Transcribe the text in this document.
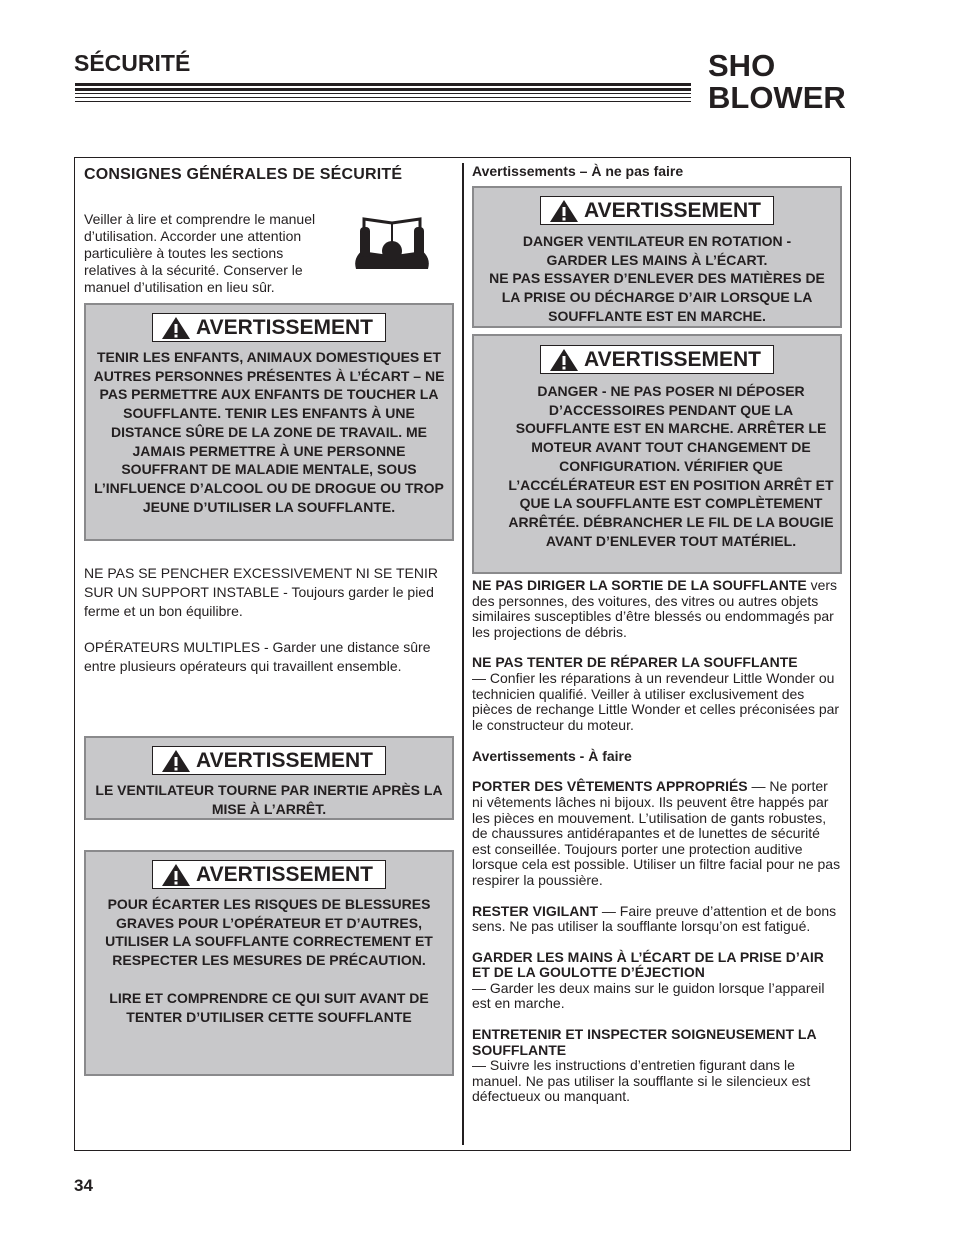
SÉCURITÉ	SHO
BLOWER
CONSIGNES GÉNÉRALES DE SÉCURITÉ

Veiller à lire et comprendre le manuel d’utilisation. Accorder une attention particulière à toutes les sections relatives à la sécurité. Conserver le manuel d’utilisation en lieu sûr.

AVERTISSEMENT

TENIR LES ENFANTS, ANIMAUX DOMESTIQUES ET AUTRES PERSONNES PRÉSENTES À L’ÉCART – NE PAS PERMETTRE AUX ENFANTS DE TOUCHER LA SOUFFLANTE. TENIR LES ENFANTS À UNE DISTANCE SÛRE DE LA ZONE DE TRAVAIL. ME JAMAIS PERMETTRE À UNE PERSONNE SOUFFRANT DE MALADIE MENTALE, SOUS L’INFLUENCE D’ALCOOL OU DE DROGUE OU TROP JEUNE D’UTILISER LA SOUFFLANTE.

NE PAS SE PENCHER EXCESSIVEMENT NI SE TENIR SUR UN SUPPORT INSTABLE - Toujours garder le pied ferme et un bon équilibre.

OPÉRATEURS MULTIPLES - Garder une distance sûre entre plusieurs opérateurs qui travaillent ensemble.

AVERTISSEMENT

LE VENTILATEUR TOURNE PAR INERTIE APRÈS LA MISE À L’ARRÊT.

AVERTISSEMENT

POUR ÉCARTER LES RISQUES DE BLESSURES GRAVES POUR L’OPÉRATEUR ET D’AUTRES, UTILISER LA SOUFFLANTE CORRECTEMENT ET RESPECTER LES MESURES DE PRÉCAUTION.

LIRE ET COMPRENDRE CE QUI SUIT AVANT DE TENTER D’UTILISER CETTE SOUFFLANTE

Avertissements – À ne pas faire
AVERTISSEMENT

DANGER VENTILATEUR EN ROTATION - GARDER LES MAINS À L’ÉCART.

NE PAS ESSAYER D’ENLEVER DES MATIÈRES DE LA PRISE OU DÉCHARGE D’AIR LORSQUE LA SOUFFLANTE EST EN MARCHE.

AVERTISSEMENT

DANGER - NE PAS POSER NI DÉPOSER D’ACCESSOIRES PENDANT QUE LA SOUFFLANTE EST EN MARCHE. ARRÊTER LE MOTEUR AVANT TOUT CHANGEMENT DE CONFIGURATION. VÉRIFIER QUE L’ACCÉLÉRATEUR EST EN POSITION ARRÊT ET QUE LA SOUFFLANTE EST COMPLÈTEMENT ARRÊTÉE. DÉBRANCHER LE FIL DE LA BOUGIE AVANT D’ENLEVER TOUT MATÉRIEL.

NE PAS DIRIGER LA SORTIE DE LA SOUFFLANTE vers des personnes, des voitures, des vitres ou autres objets similaires susceptibles d’être blessés ou endommagés par les projections de débris.

NE PAS TENTER DE RÉPARER LA SOUFFLANTE
— Confier les réparations à un revendeur Little Wonder ou technicien qualifié. Veiller à utiliser exclusivement des pièces de rechange Little Wonder et celles préconisées par le constructeur du moteur.

Avertissements - À faire

PORTER DES VÊTEMENTS APPROPRIÉS — Ne porter ni vêtements lâches ni bijoux. Ils peuvent être happés par les pièces en mouvement. L’utilisation de gants robustes, de chaussures antidérapantes et de lunettes de sécurité est conseillée. Toujours porter une protection auditive lorsque cela est possible. Utiliser un filtre facial pour ne pas respirer la poussière.

RESTER VIGILANT — Faire preuve d’attention et de bons sens. Ne pas utiliser la soufflante lorsqu’on est fatigué.

GARDER LES MAINS À L’ÉCART DE LA PRISE D’AIR ET DE LA GOULOTTE D’ÉJECTION
— Garder les deux mains sur le guidon lorsque l’appareil est en marche.

ENTRETENIR ET INSPECTER SOIGNEUSEMENT LA SOUFFLANTE
— Suivre les instructions d’entretien figurant dans le manuel. Ne pas utiliser la soufflante si le silencieux est défectueux ou manquant.

34
